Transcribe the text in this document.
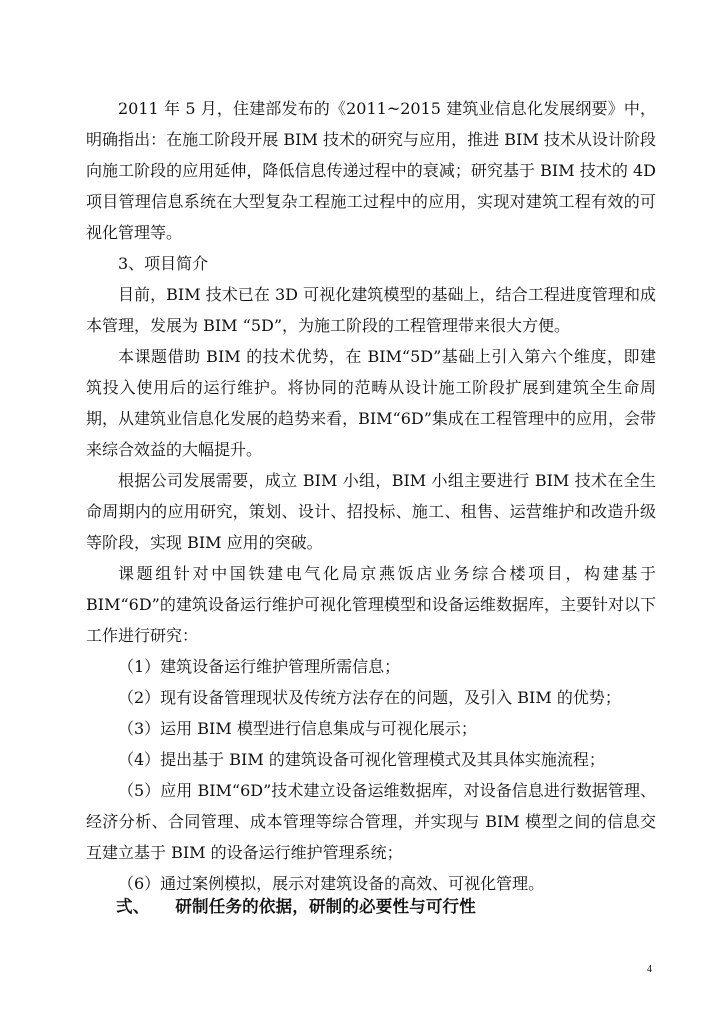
2011 年 5 月，住建部发布的《2011~2015 建筑业信息化发展纲要》中，明确指出：在施工阶段开展 BIM 技术的研究与应用，推进 BIM 技术从设计阶段向施工阶段的应用延伸，降低信息传递过程中的衰减；研究基于 BIM 技术的 4D 项目管理信息系统在大型复杂工程施工过程中的应用，实现对建筑工程有效的可视化管理等。

3、项目简介

目前，BIM 技术已在 3D 可视化建筑模型的基础上，结合工程进度管理和成本管理，发展为 BIM “5D”，为施工阶段的工程管理带来很大方便。

本课题借助 BIM 的技术优势，在 BIM“5D”基础上引入第六个维度，即建筑投入使用后的运行维护。将协同的范畴从设计施工阶段扩展到建筑全生命周期，从建筑业信息化发展的趋势来看，BIM“6D”集成在工程管理中的应用，会带来综合效益的大幅提升。

根据公司发展需要，成立 BIM 小组，BIM 小组主要进行 BIM 技术在全生命周期内的应用研究，策划、设计、招投标、施工、租售、运营维护和改造升级等阶段，实现 BIM 应用的突破。

课题组针对中国铁建电气化局京燕饭店业务综合楼项目，构建基于 BIM“6D”的建筑设备运行维护可视化管理模型和设备运维数据库，主要针对以下工作进行研究：

（1）建筑设备运行维护管理所需信息；

（2）现有设备管理现状及传统方法存在的问题，及引入 BIM 的优势；

（3）运用 BIM 模型进行信息集成与可视化展示；

（4）提出基于 BIM 的建筑设备可视化管理模式及其具体实施流程；

（5）应用 BIM“6D”技术建立设备运维数据库，对设备信息进行数据管理、经济分析、合同管理、成本管理等综合管理，并实现与 BIM 模型之间的信息交互建立基于 BIM 的设备运行维护管理系统；

（6）通过案例模拟，展示对建筑设备的高效、可视化管理。

弍、 研制任务的依据，研制的必要性与可行性
4
